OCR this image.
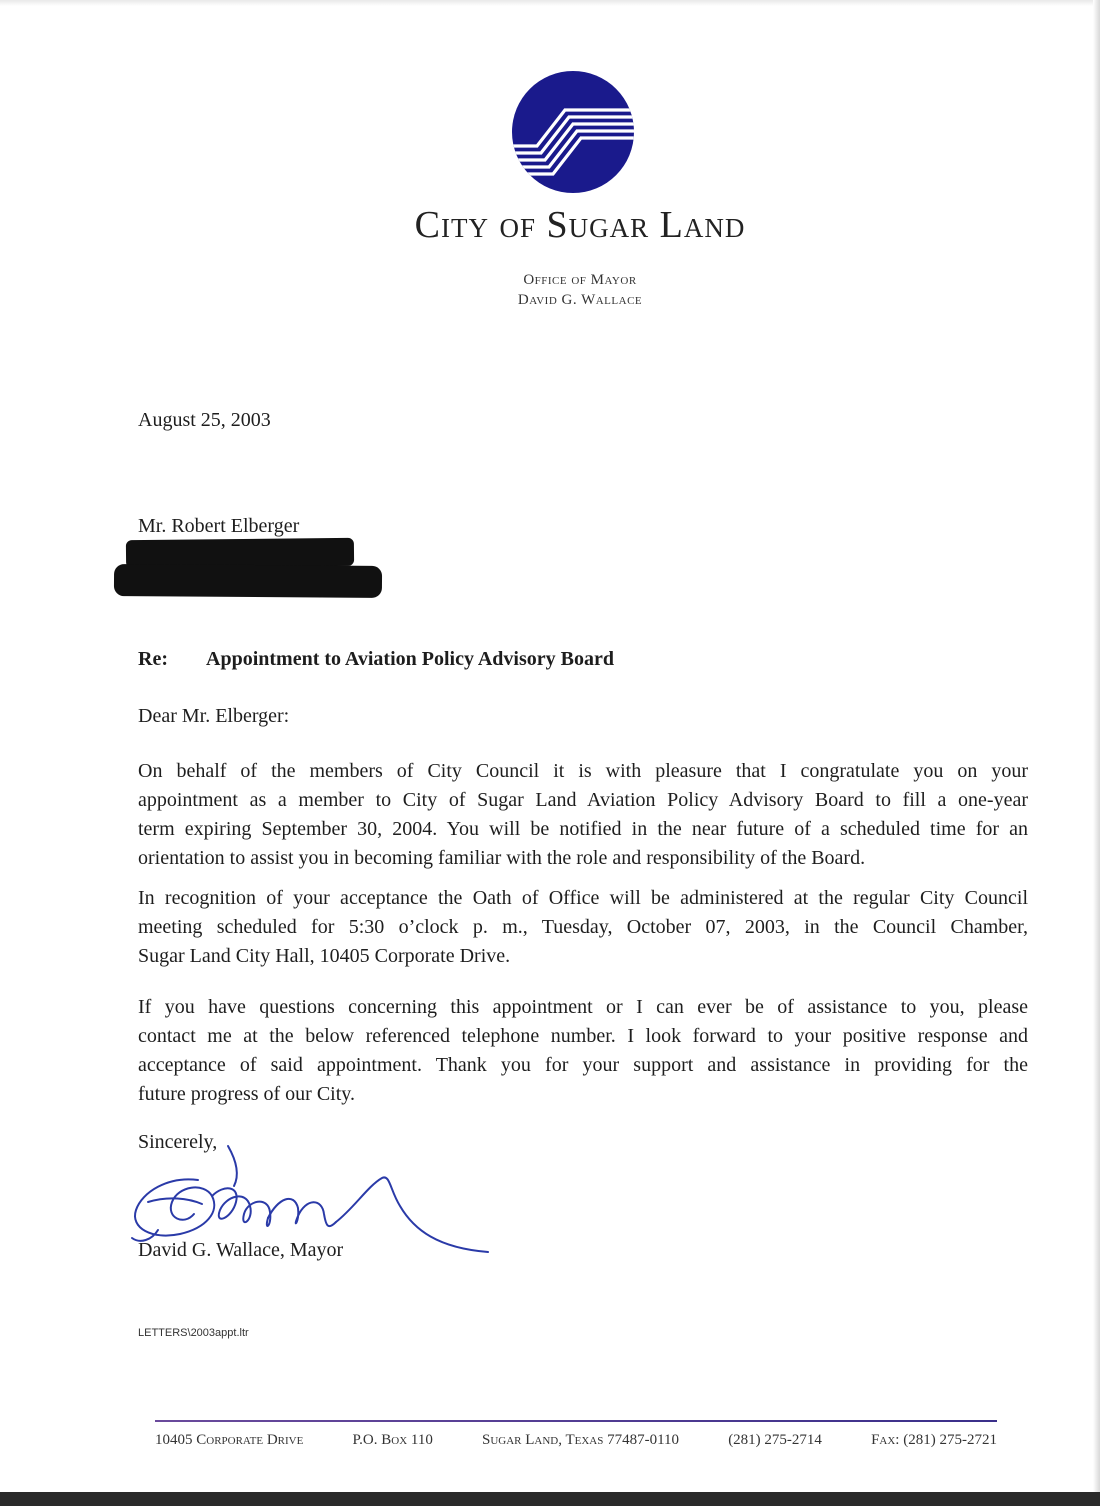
City of Sugar Land
Office of Mayor
David G. Wallace
August 25, 2003
Mr. Robert Elberger
Re: Appointment to Aviation Policy Advisory Board
Dear Mr. Elberger:
On behalf of the members of City Council it is with pleasure that I congratulate you on your
appointment as a member to City of Sugar Land Aviation Policy Advisory Board to fill a one-year
term expiring September 30, 2004. You will be notified in the near future of a scheduled time for an
orientation to assist you in becoming familiar with the role and responsibility of the Board.
In recognition of your acceptance the Oath of Office will be administered at the regular City Council
meeting scheduled for 5:30 o’clock p. m., Tuesday, October 07, 2003, in the Council Chamber,
Sugar Land City Hall, 10405 Corporate Drive.
If you have questions concerning this appointment or I can ever be of assistance to you, please
contact me at the below referenced telephone number. I look forward to your positive response and
acceptance of said appointment. Thank you for your support and assistance in providing for the
future progress of our City.
Sincerely,
David G. Wallace, Mayor
LETTERS\2003appt.ltr
10405 Corporate Drive	P.O. Box 110	Sugar Land, Texas 77487-0110	(281) 275-2714	Fax: (281) 275-2721
